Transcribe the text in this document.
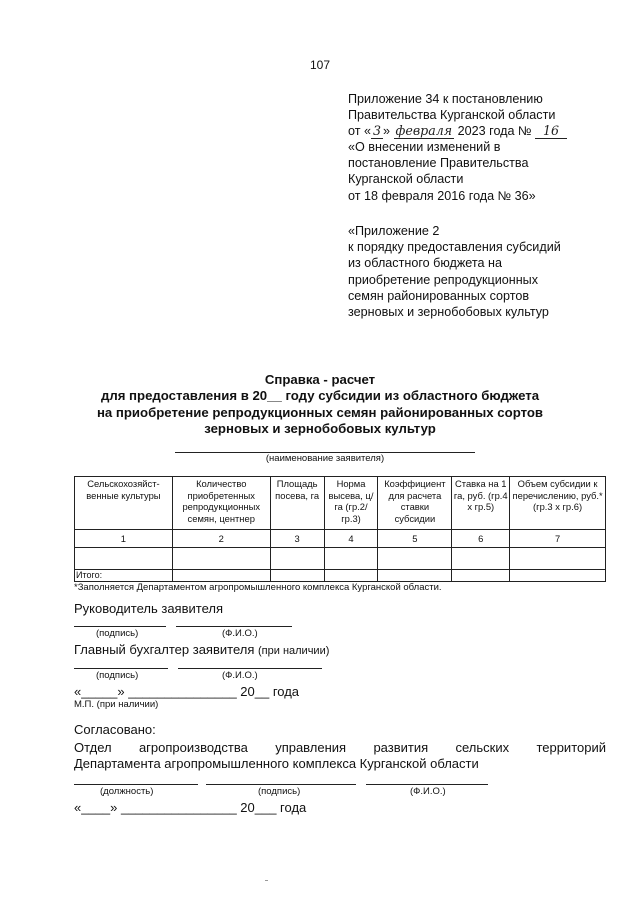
107
Приложение 34 к постановлению
Правительства Курганской области
от « 3 » февраля 2023 года № 16
«О внесении изменений в
постановление Правительства
Курганской области
от 18 февраля 2016 года № 36»
«Приложение 2
к порядку предоставления субсидий
из областного бюджета на
приобретение репродукционных
семян районированных сортов
зерновых и зернобобовых культур
Справка - расчет
для предоставления в 20__ году субсидии из областного бюджета
на приобретение репродукционных семян районированных сортов
зерновых и зернобобовых культур
(наименование заявителя)
Сельскохозяйст-венные культуры	Количество приобретенных репродукционных семян, центнер	Площадь посева, га	Норма высева, ц/га (гр.2/гр.3)	Коэффициент для расчета ставки субсидии	Ставка на 1 га, руб. (гр.4 х гр.5)	Объем субсидии к перечислению, руб.* (гр.3 х гр.6)
1	2	3	4	5	6	7

Итого:						
*Заполняется Департаментом агропромышленного комплекса Курганской области.
Руководитель заявителя
(подпись)	(Ф.И.О.)
Главный бухгалтер заявителя (при наличии)
(подпись)	(Ф.И.О.)
«_____» _______________ 20__ года
М.П. (при наличии)
Согласовано:
Отдел агропроизводства управления развития сельских территорий
Департамента агропромышленного комплекса Курганской области
(должность)	(подпись)	(Ф.И.О.)
«____» ________________ 20___ года
